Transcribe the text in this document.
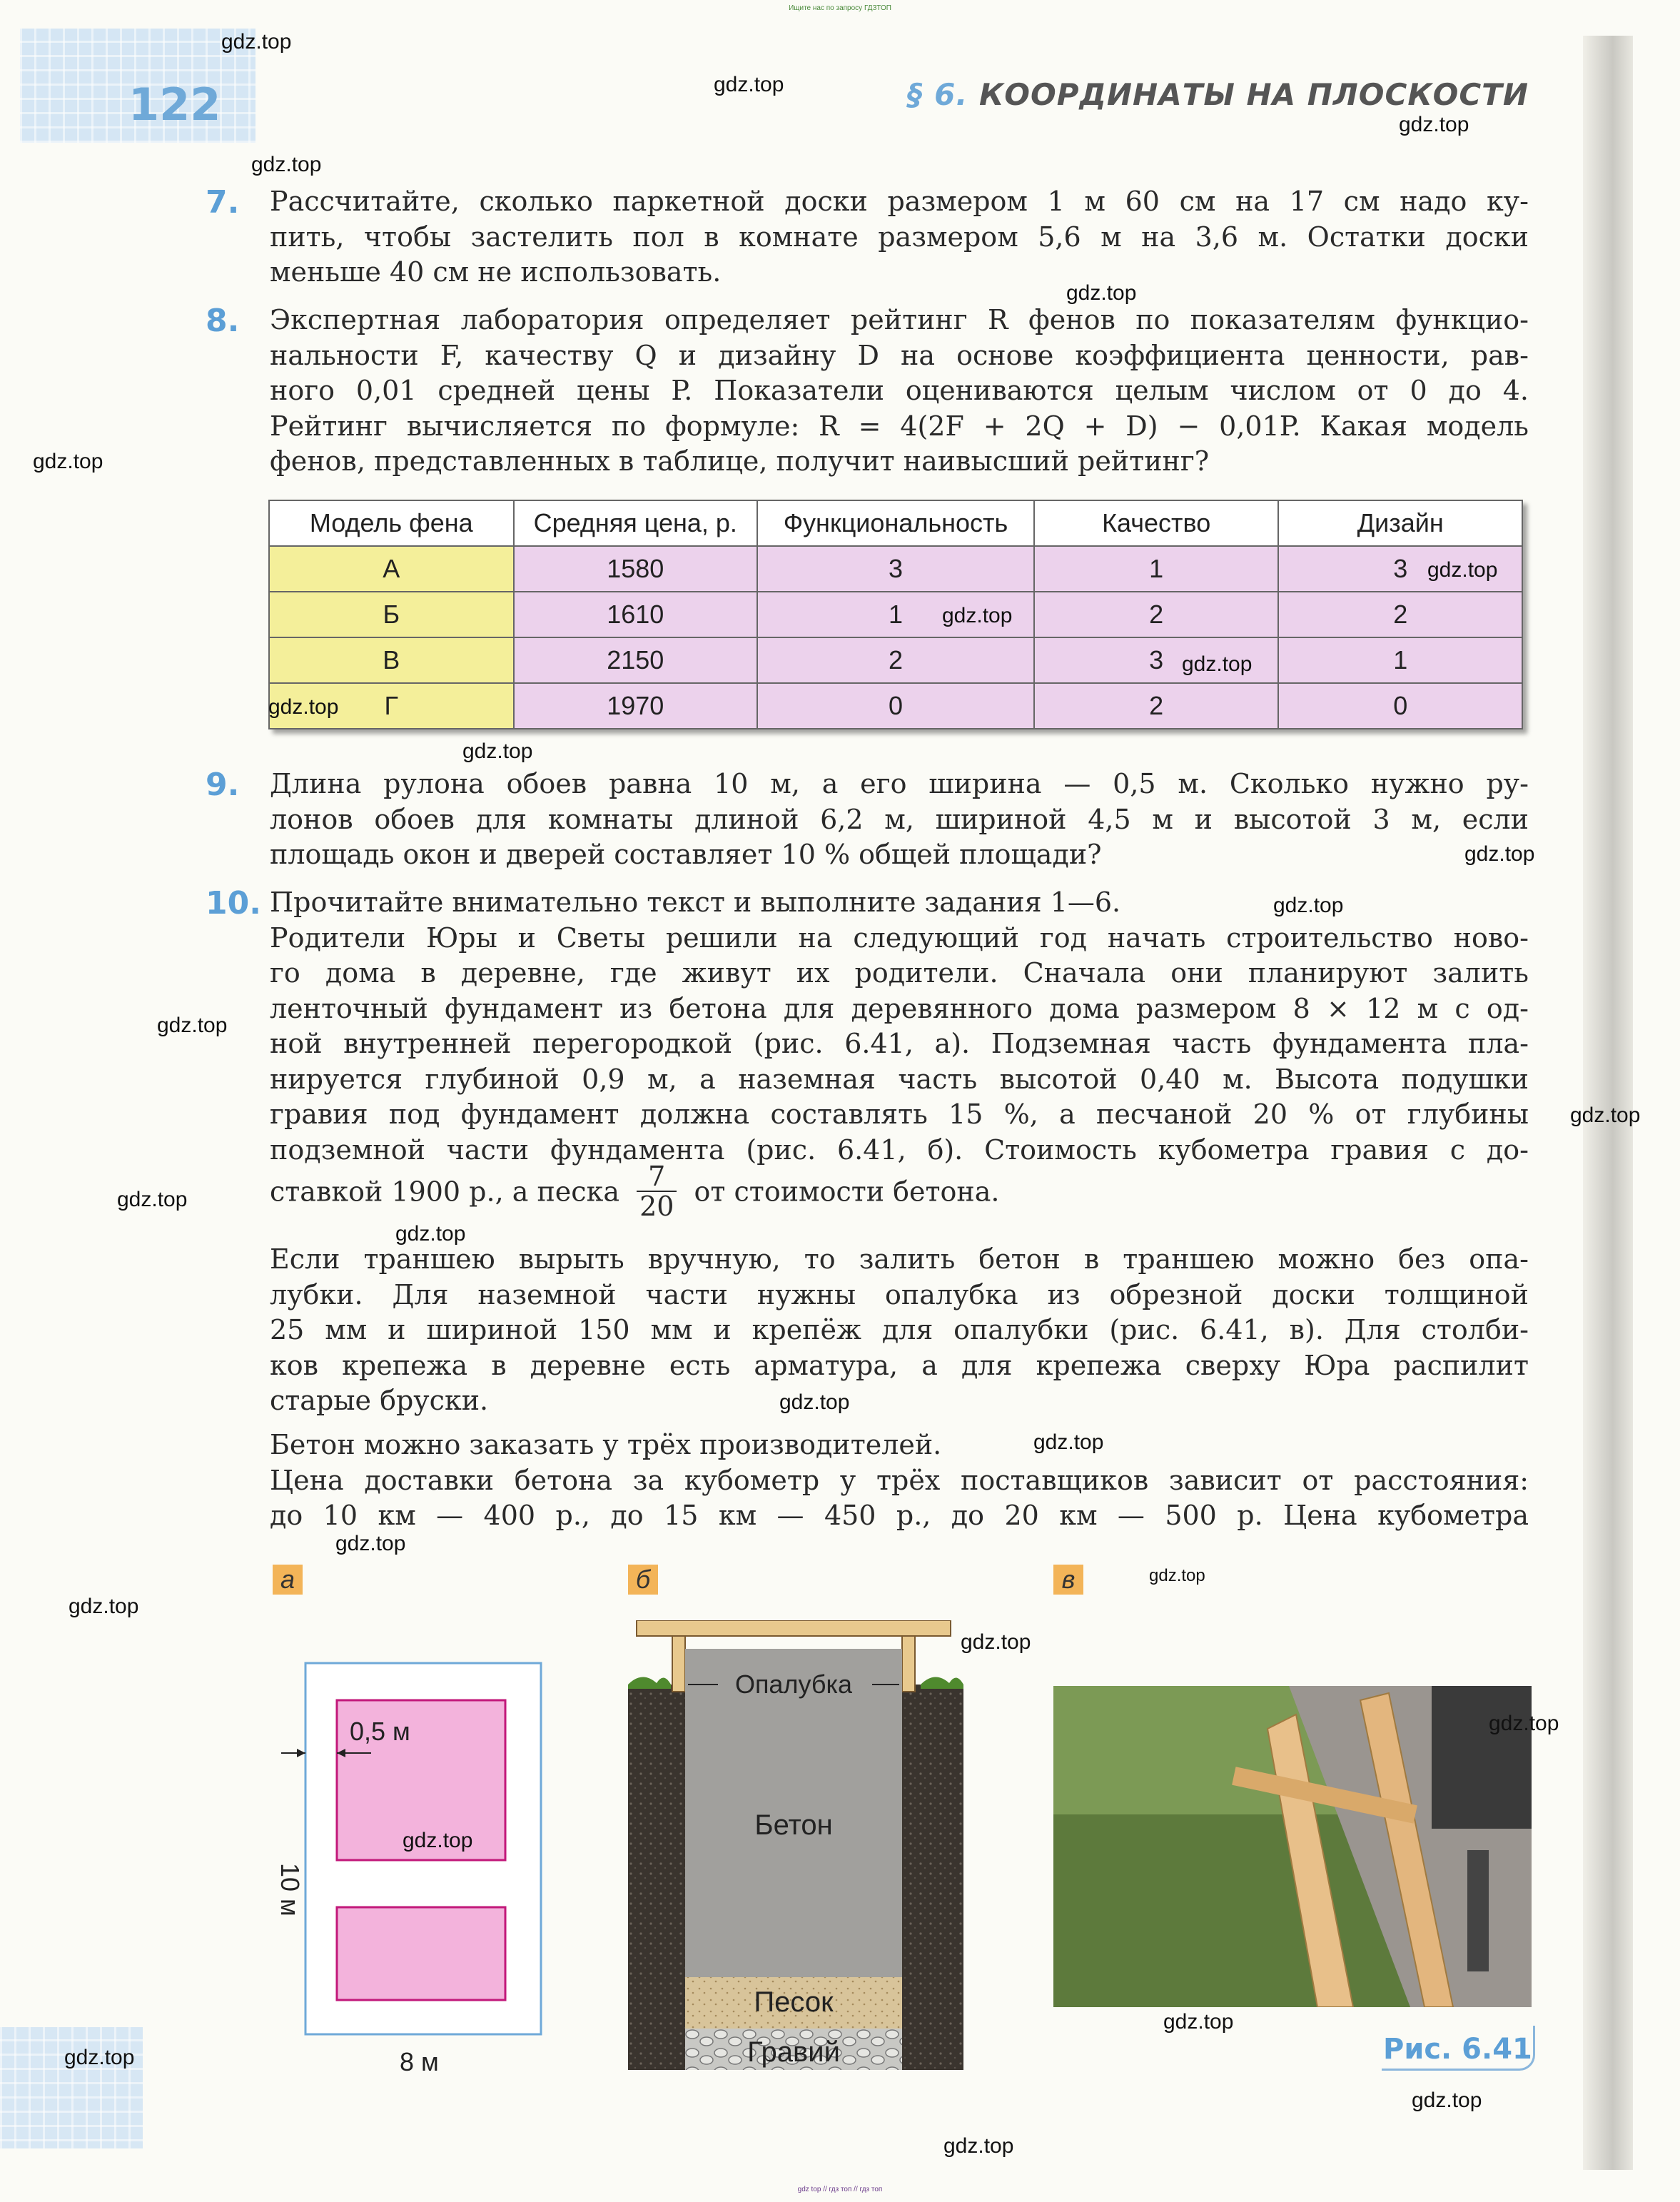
Ищите нас по запросу ГДЗТОП
122	§ 6. КООРДИНАТЫ НА ПЛОСКОСТИ
7. Рассчитайте, сколько паркетной доски размером 1 м 60 см на 17 см надо ку-
пить, чтобы застелить пол в комнате размером 5,6 м на 3,6 м. Остатки доски
меньше 40 см не использовать.
8. Экспертная лаборатория определяет рейтинг R фенов по показателям функцио-
нальности F, качеству Q и дизайну D на основе коэффициента ценности, рав-
ного 0,01 средней цены P. Показатели оцениваются целым числом от 0 до 4.
Рейтинг вычисляется по формуле: R = 4(2F + 2Q + D) − 0,01P. Какая модель
фенов, представленных в таблице, получит наивысший рейтинг?
Модель фена	Средняя цена, р.	Функциональность	Качество	Дизайн
А	1580	3	1	3
Б	1610	1	2	2
В	2150	2	3	1
Г	1970	0	2	0
9. Длина рулона обоев равна 10 м, а его ширина — 0,5 м. Сколько нужно ру-
лонов обоев для комнаты длиной 6,2 м, шириной 4,5 м и высотой 3 м, если
площадь окон и дверей составляет 10 % общей площади?
10. Прочитайте внимательно текст и выполните задания 1—6.
Родители Юры и Светы решили на следующий год начать строительство ново-
го дома в деревне, где живут их родители. Сначала они планируют залить
ленточный фундамент из бетона для деревянного дома размером 8 × 12 м с од-
ной внутренней перегородкой (рис. 6.41, а). Подземная часть фундамента пла-
нируется глубиной 0,9 м, а наземная часть высотой 0,40 м. Высота подушки
гравия под фундамент должна составлять 15 %, а песчаной 20 % от глубины
подземной части фундамента (рис. 6.41, б). Стоимость кубометра гравия с до-
ставкой 1900 р., а песка $\frac{7}{20}$ от стоимости бетона.
Если траншею вырыть вручную, то залить бетон в траншею можно без опа-
лубки. Для наземной части нужны опалубка из обрезной доски толщиной
25 мм и шириной 150 мм и крепёж для опалубки (рис. 6.41, в). Для столби-
ков крепежа в деревне есть арматура, а для крепежа сверху Юра распилит
старые бруски.
Бетон можно заказать у трёх производителей.
Цена доставки бетона за кубометр у трёх поставщиков зависит от расстояния:
до 10 км — 400 р., до 15 км — 450 р., до 20 км — 500 р. Цена кубометра
а	б	в
0,5 м
10 м
8 м
Опалубка
Бетон
Песок
Гравий	Рис. 6.41
gdz.top
gdz.top
gdz.top
gdz.top
gdz.top
gdz.top
gdz.top
gdz.top
gdz.top
gdz.top
gdz.top
gdz.top
gdz.top
gdz.top
gdz.top
gdz.top
gdz.top
gdz.top
gdz.top
gdz.top
gdz.top
gdz.top
gdz.top
gdz.top
gdz.top
gdz.top
gdz.top
gdz.top
gdz.top
gdz top // гдз топ // гдз топ
